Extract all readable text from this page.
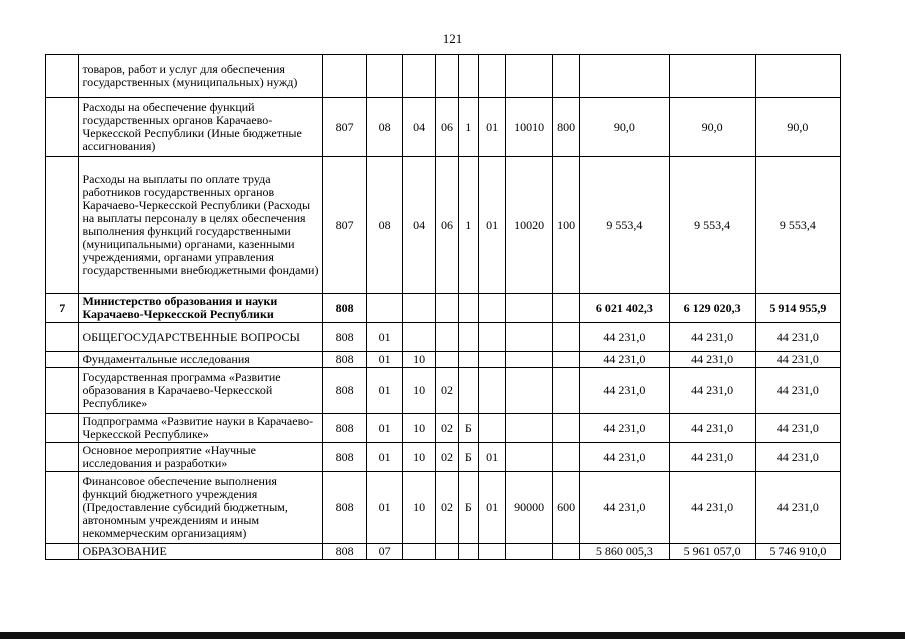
121
	товаров, работ и услуг для обеспечения государственных (муниципальных) нужд)											
	Расходы на обеспечение функций государственных органов Карачаево-Черкесской Республики (Иные бюджетные ассигнования)	807	08	04	06	1	01	10010	800	90,0	90,0	90,0
	Расходы на выплаты по оплате труда работников государственных органов Карачаево-Черкесской Республики (Расходы на выплаты персоналу в целях обеспечения выполнения функций государственными (муниципальными) органами, казенными учреждениями, органами управления государственными внебюджетными фондами)	807	08	04	06	1	01	10020	100	9 553,4	9 553,4	9 553,4
7	Министерство образования и науки Карачаево-Черкесской Республики	808								6 021 402,3	6 129 020,3	5 914 955,9
	ОБЩЕГОСУДАРСТВЕННЫЕ ВОПРОСЫ	808	01							44 231,0	44 231,0	44 231,0
	Фундаментальные исследования	808	01	10						44 231,0	44 231,0	44 231,0
	Государственная программа «Развитие образования в Карачаево-Черкесской Республике»	808	01	10	02					44 231,0	44 231,0	44 231,0
	Подпрограмма «Развитие науки в Карачаево-Черкесской Республике»	808	01	10	02	Б				44 231,0	44 231,0	44 231,0
	Основное мероприятие «Научные исследования и разработки»	808	01	10	02	Б	01			44 231,0	44 231,0	44 231,0
	Финансовое обеспечение выполнения функций бюджетного учреждения (Предоставление субсидий бюджетным, автономным учреждениям и иным некоммерческим организациям)	808	01	10	02	Б	01	90000	600	44 231,0	44 231,0	44 231,0
	ОБРАЗОВАНИЕ	808	07							5 860 005,3	5 961 057,0	5 746 910,0
